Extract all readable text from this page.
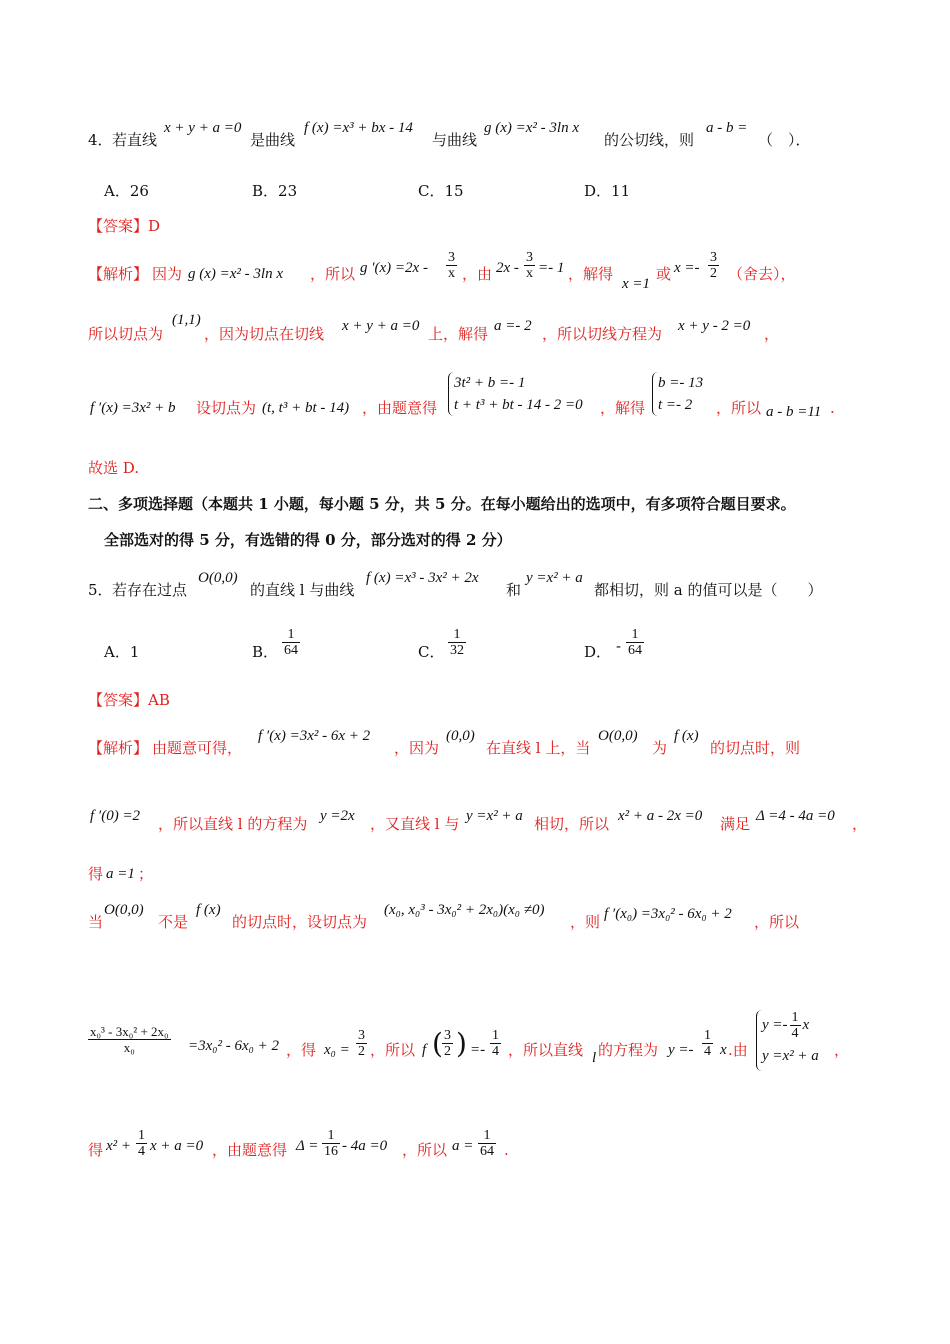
4． 若直线
x + y + a =0
是曲线
f (x) =x³ + bx - 14
与曲线
g (x) =x² - 3ln x
的公切线，则
a - b =
（　）．
A．26	B．23	C．15	D．11
【答案】D
【解析】 因为 g (x) =x² - 3ln x ，所以 g $'(x) =2x - \frac{3}{x}$ ，由 $2x - \frac{3}{x} =- 1$ ，解得
x =1
或 $x =- \frac{3}{2}$ （舍去），
所以切点为
(1,1)
，因为切点在切线 x + y + a =0 上，解得 a =- 2 ，所以切线方程为 x + y - 2 =0 ，
f ′(x) =3x² + b 设切点为 (t, t³ + bt - 14) ，由题意得
3t² + b =- 1
t + t³ + bt - 14 - 2 =0 ，解得
b =- 13
t =- 2	，所以 a - b =11 .
故选 D.
二、多项选择题（本题共 1 小题，每小题 5 分，共 5 分。在每小题给出的选项中，有多项符合题目要求。
全部选对的得 5 分，有选错的得 0 分，部分选对的得 2 分）
5． 若存在过点
O(0,0)
的直线 l 与曲线
f (x) =x³ - 3x² + 2x
和
y =x² + a
都相切，则 a 的值可以是（　　）
A．1	B． $\frac{1}{64}$	C． $\frac{1}{32}$	D． - $\frac{1}{64}$
【答案】AB
【解析】 由题意可得，
f ′(x) =3x² - 6x + 2
，因为
(0,0)
在直线 l 上，当
O(0,0)
为
f (x)
的切点时，则
f ′(0) =2 ，所以直线 l 的方程为 y =2x ，又直线 l 与 y =x² + a 相切，所以 x² + a - 2x =0 满足 Δ =4 - 4a =0 ，
得 a =1 ；
当
O(0,0)
不是
f (x)
的切点时，设切点为
(x₀, x₀³ - 3x₀² + 2x₀)(x₀ ≠0)
，则 f ′(x₀) =3x₀² - 6x₀ + 2 ，所以
$\frac{\text{x₀³ - 3x₀² + 2x₀}}{\text{x₀}} =3x_0^2 - 6x_0 + 2$ ，得 $x_0 = \frac{3}{2}$ ，所以 f ( $\frac{3}{2}$ ) =- $\frac{1}{4}$ ，所以直线 l 的方程为 $y =- \frac{1}{4}$ x .由
$y =- \frac{1}{4}$ x
y =x² + a ，
得 $x^2 + \frac{1}{4}$ x + a =0 ，由题意得 $\Delta = \frac{1}{16} - 4a =0$ ，所以 $a = \frac{1}{64}$ .
